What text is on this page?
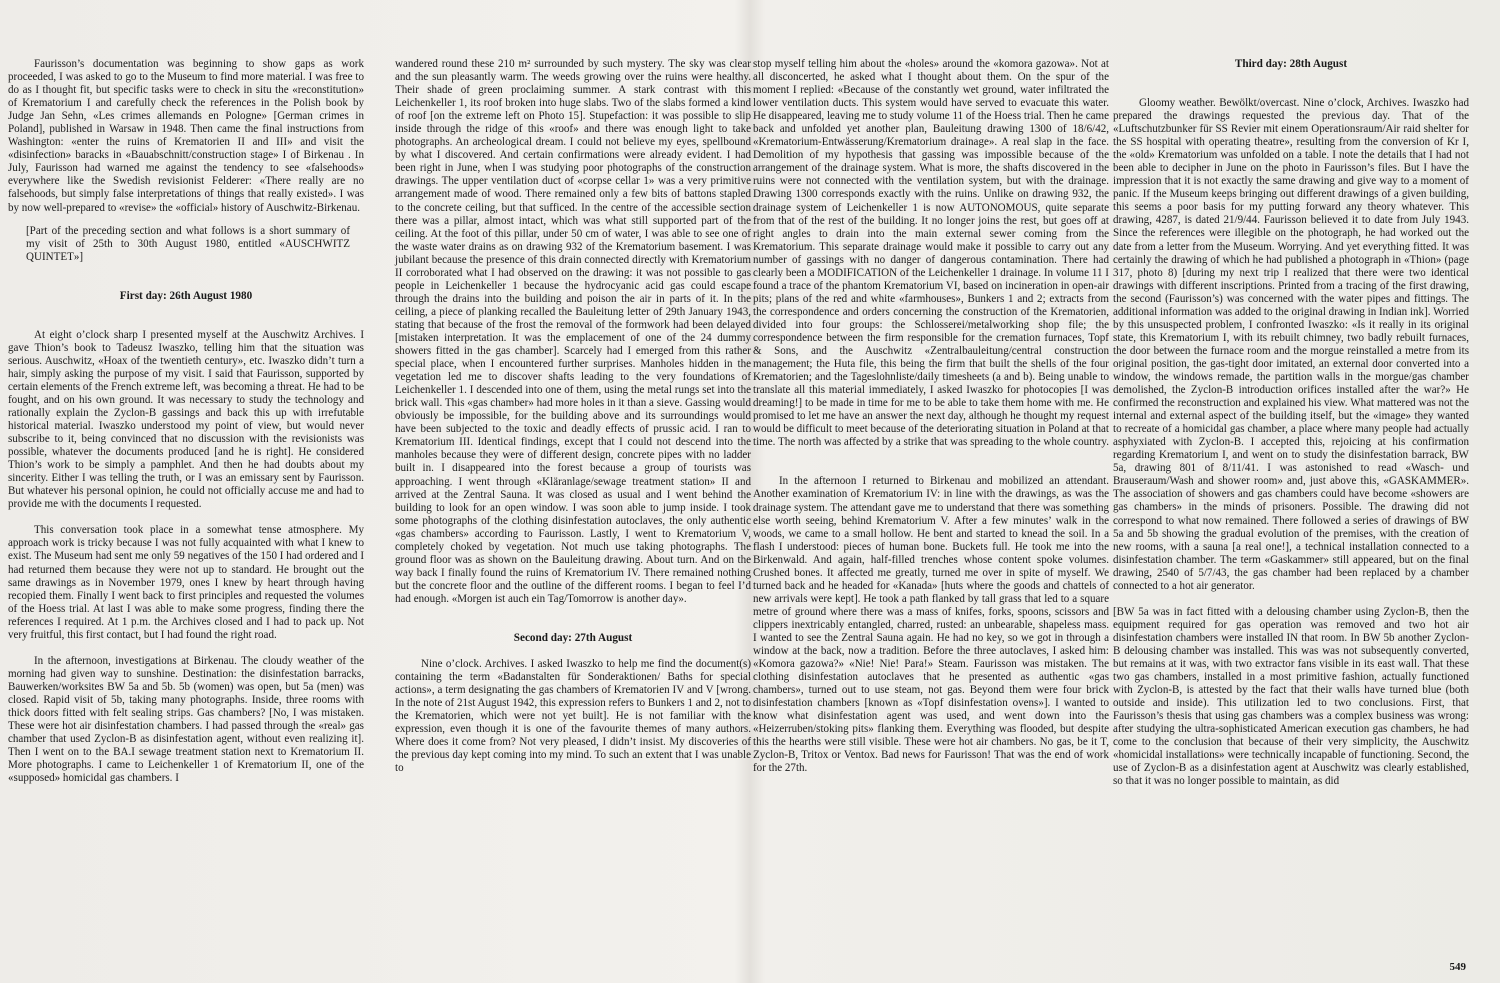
Faurisson’s documentation was beginning to show gaps as work proceeded, I was asked to go to the Museum to find more material. I was free to do as I thought fit, but specific tasks were to check in situ the «reconstitution» of Krematorium I and carefully check the references in the Polish book by Judge Jan Sehn, «Les crimes allemands en Pologne» [German crimes in Poland], published in Warsaw in 1948. Then came the final instructions from Washington: «enter the ruins of Krematorien II and III» and visit the «disinfection» baracks in «Bauabschnitt/construction stage» I of Birkenau . In July, Faurisson had warned me against the tendency to see «falsehoods» everywhere like the Swedish revisionist Felderer: «There really are no falsehoods, but simply false interpretations of things that really existed». I was by now well-prepared to «revise» the «official» history of Auschwitz-Birkenau.

[Part of the preceding section and what follows is a short summary of my visit of 25th to 30th August 1980, entitled «AUSCHWITZ QUINTET»]

First day: 26th August 1980

At eight o’clock sharp I presented myself at the Auschwitz Archives. I gave Thion’s book to Tadeusz Iwaszko, telling him that the situation was serious. Auschwitz, «Hoax of the twentieth century», etc. Iwaszko didn’t turn a hair, simply asking the purpose of my visit. I said that Faurisson, supported by certain elements of the French extreme left, was becoming a threat. He had to be fought, and on his own ground. It was necessary to study the technology and rationally explain the Zyclon-B gassings and back this up with irrefutable historical material. Iwaszko understood my point of view, but would never subscribe to it, being convinced that no discussion with the revisionists was possible, whatever the documents produced [and he is right]. He considered Thion’s work to be simply a pamphlet. And then he had doubts about my sincerity. Either I was telling the truth, or I was an emissary sent by Faurisson. But whatever his personal opinion, he could not officially accuse me and had to provide me with the documents I requested.

This conversation took place in a somewhat tense atmosphere. My approach work is tricky because I was not fully acquainted with what I knew to exist. The Museum had sent me only 59 negatives of the 150 I had ordered and I had returned them because they were not up to standard. He brought out the same drawings as in November 1979, ones I knew by heart through having recopied them. Finally I went back to first principles and requested the volumes of the Hoess trial. At last I was able to make some progress, finding there the references I required. At 1 p.m. the Archives closed and I had to pack up. Not very fruitful, this first contact, but I had found the right road.

In the afternoon, investigations at Birkenau. The cloudy weather of the morning had given way to sunshine. Destination: the disinfestation barracks, Bauwerken/worksites BW 5a and 5b. 5b (women) was open, but 5a (men) was closed. Rapid visit of 5b, taking many photographs. Inside, three rooms with thick doors fitted with felt sealing strips. Gas chambers? [No, I was mistaken. These were hot air disinfestation chambers. I had passed through the «real» gas chamber that used Zyclon-B as disinfestation agent, without even realizing it]. Then I went on to the BA.I sewage treatment station next to Krematorium II. More photographs. I came to Leichenkeller 1 of Krematorium II, one of the «supposed» homicidal gas chambers. I

wandered round these 210 m² surrounded by such mystery. The sky was clear and the sun pleasantly warm. The weeds growing over the ruins were healthy. Their shade of green proclaiming summer. A stark contrast with this Leichenkeller 1, its roof broken into huge slabs. Two of the slabs formed a kind of roof [on the extreme left on Photo 15]. Stupefaction: it was possible to slip inside through the ridge of this «roof» and there was enough light to take photographs. An archeological dream. I could not believe my eyes, spellbound by what I discovered. And certain confirmations were already evident. I had been right in June, when I was studying poor photographs of the construction drawings. The upper ventilation duct of «corpse cellar 1» was a very primitive arrangement made of wood. There remained only a few bits of battons stapled to the concrete ceiling, but that sufficed. In the centre of the accessible section there was a pillar, almost intact, which was what still supported part of the ceiling. At the foot of this pillar, under 50 cm of water, I was able to see one of the waste water drains as on drawing 932 of the Krematorium basement. I was jubilant because the presence of this drain connected directly with Krematorium II corroborated what I had observed on the drawing: it was not possible to gas people in Leichenkeller 1 because the hydrocyanic acid gas could escape through the drains into the building and poison the air in parts of it. In the ceiling, a piece of planking recalled the Bauleitung letter of 29th January 1943, stating that because of the frost the removal of the formwork had been delayed [mistaken interpretation. It was the emplacement of one of the 24 dummy showers fitted in the gas chamber]. Scarcely had I emerged from this rather special place, when I encountered further surprises. Manholes hidden in the vegetation led me to discover shafts leading to the very foundations of Leichenkeller 1. I descended into one of them, using the metal rungs set into the brick wall. This «gas chamber» had more holes in it than a sieve. Gassing would obviously be impossible, for the building above and its surroundings would have been subjected to the toxic and deadly effects of prussic acid. I ran to Krematorium III. Identical findings, except that I could not descend into the manholes because they were of different design, concrete pipes with no ladder built in. I disappeared into the forest because a group of tourists was approaching. I went through «Kläranlage/sewage treatment station» II and arrived at the Zentral Sauna. It was closed as usual and I went behind the building to look for an open window. I was soon able to jump inside. I took some photographs of the clothing disinfestation autoclaves, the only authentic «gas chambers» according to Faurisson. Lastly, I went to Krematorium V, completely choked by vegetation. Not much use taking photographs. The ground floor was as shown on the Bauleitung drawing. About turn. And on the way back I finally found the ruins of Krematorium IV. There remained nothing but the concrete floor and the outline of the different rooms. I began to feel I’d had enough. «Morgen ist auch ein Tag/Tomorrow is another day».

Second day: 27th August

Nine o’clock. Archives. I asked Iwaszko to help me find the document(s) containing the term «Badanstalten für Sonderaktionen/ Baths for special actions», a term designating the gas chambers of Krematorien IV and V [wrong. In the note of 21st August 1942, this expression refers to Bunkers 1 and 2, not to the Krematorien, which were not yet built]. He is not familiar with the expression, even though it is one of the favourite themes of many authors. Where does it come from? Not very pleased, I didn’t insist. My discoveries of the previous day kept coming into my mind. To such an extent that I was unable to

stop myself telling him about the «holes» around the «komora gazowa». Not at all disconcerted, he asked what I thought about them. On the spur of the moment I replied: «Because of the constantly wet ground, water infiltrated the lower ventilation ducts. This system would have served to evacuate this water. He disappeared, leaving me to study volume 11 of the Hoess trial. Then he came back and unfolded yet another plan, Bauleitung drawing 1300 of 18/6/42, «Krematorium-Entwässerung/Krematorium drainage». A real slap in the face. Demolition of my hypothesis that gassing was impossible because of the arrangement of the drainage system. What is more, the shafts discovered in the ruins were not connected with the ventilation system, but with the drainage. Drawing 1300 corresponds exactly with the ruins. Unlike on drawing 932, the drainage system of Leichenkeller 1 is now AUTONOMOUS, quite separate from that of the rest of the building. It no longer joins the rest, but goes off at right angles to drain into the main external sewer coming from the Krematorium. This separate drainage would make it possible to carry out any number of gassings with no danger of dangerous contamination. There had clearly been a MODIFICATION of the Leichenkeller 1 drainage. In volume 11 I found a trace of the phantom Krematorium VI, based on incineration in open-air pits; plans of the red and white «farmhouses», Bunkers 1 and 2; extracts from the correspondence and orders concerning the construction of the Krematorien, divided into four groups: the Schlosserei/metalworking shop file; the correspondence between the firm responsible for the cremation furnaces, Topf & Sons, and the Auschwitz «Zentralbauleitung/central construction management; the Huta file, this being the firm that built the shells of the four Krematorien; and the Tageslohnliste/daily timesheets (a and b). Being unable to translate all this material immediately, I asked Iwaszko for photocopies [I was dreaming!] to be made in time for me to be able to take them home with me. He promised to let me have an answer the next day, although he thought my request would be difficult to meet because of the deteriorating situation in Poland at that time. The north was affected by a strike that was spreading to the whole country.

In the afternoon I returned to Birkenau and mobilized an attendant. Another examination of Krematorium IV: in line with the drawings, as was the drainage system. The attendant gave me to understand that there was something else worth seeing, behind Krematorium V. After a few minutes’ walk in the woods, we came to a small hollow. He bent and started to knead the soil. In a flash I understood: pieces of human bone. Buckets full. He took me into the Birkenwald. And again, half-filled trenches whose content spoke volumes. Crushed bones. It affected me greatly, turned me over in spite of myself. We turned back and he headed for «Kanada» [huts where the goods and chattels of new arrivals were kept]. He took a path flanked by tall grass that led to a square metre of ground where there was a mass of knifes, forks, spoons, scissors and clippers inextricably entangled, charred, rusted: an unbearable, shapeless mass. I wanted to see the Zentral Sauna again. He had no key, so we got in through a window at the back, now a tradition. Before the three autoclaves, I asked him: «Komora gazowa?» «Nie! Nie! Para!» Steam. Faurisson was mistaken. The clothing disinfestation autoclaves that he presented as authentic «gas chambers», turned out to use steam, not gas. Beyond them were four brick disinfestation chambers [known as «Topf disinfestation ovens»]. I wanted to know what disinfestation agent was used, and went down into the «Heizerruben/stoking pits» flanking them. Everything was flooded, but despite this the hearths were still visible. These were hot air chambers. No gas, be it T, Zyclon-B, Tritox or Ventox. Bad news for Faurisson! That was the end of work for the 27th.

Third day: 28th August

Gloomy weather. Bewölkt/overcast. Nine o’clock, Archives. Iwaszko had prepared the drawings requested the previous day. That of the «Luftschutzbunker für SS Revier mit einem Operationsraum/Air raid shelter for the SS hospital with operating theatre», resulting from the conversion of Kr I, the «old» Krematorium was unfolded on a table. I note the details that I had not been able to decipher in June on the photo in Faurisson’s files. But I have the impression that it is not exactly the same drawing and give way to a moment of panic. If the Museum keeps bringing out different drawings of a given building, this seems a poor basis for my putting forward any theory whatever. This drawing, 4287, is dated 21/9/44. Faurisson believed it to date from July 1943. Since the references were illegible on the photograph, he had worked out the date from a letter from the Museum. Worrying. And yet everything fitted. It was certainly the drawing of which he had published a photograph in «Thion» (page 317, photo 8) [during my next trip I realized that there were two identical drawings with different inscriptions. Printed from a tracing of the first drawing, the second (Faurisson’s) was concerned with the water pipes and fittings. The additional information was added to the original drawing in Indian ink]. Worried by this unsuspected problem, I confronted Iwaszko: «Is it really in its original state, this Krematorium I, with its rebuilt chimney, two badly rebuilt furnaces, the door between the furnace room and the morgue reinstalled a metre from its original position, the gas-tight door imitated, an external door converted into a window, the windows remade, the partition walls in the morgue/gas chamber demolished, the Zyclon-B introduction orifices installed after the war?» He confirmed the reconstruction and explained his view. What mattered was not the internal and external aspect of the building itself, but the «image» they wanted to recreate of a homicidal gas chamber, a place where many people had actually asphyxiated with Zyclon-B. I accepted this, rejoicing at his confirmation regarding Krematorium I, and went on to study the disinfestation barrack, BW 5a, drawing 801 of 8/11/41. I was astonished to read «Wasch- und Brauseraum/Wash and shower room» and, just above this, «GASKAMMER». The association of showers and gas chambers could have become «showers are gas chambers» in the minds of prisoners. Possible. The drawing did not correspond to what now remained. There followed a series of drawings of BW 5a and 5b showing the gradual evolution of the premises, with the creation of new rooms, with a sauna [a real one!], a technical installation connected to a disinfestation chamber. The term «Gaskammer» still appeared, but on the final drawing, 2540 of 5/7/43, the gas chamber had been replaced by a chamber connected to a hot air generator.

[BW 5a was in fact fitted with a delousing chamber using Zyclon-B, then the equipment required for gas operation was removed and two hot air disinfestation chambers were installed IN that room. In BW 5b another Zyclon-B delousing chamber was installed. This was was not subsequently converted, but remains at it was, with two extractor fans visible in its east wall. That these two gas chambers, installed in a most primitive fashion, actually functioned with Zyclon-B, is attested by the fact that their walls have turned blue (both outside and inside). This utilization led to two conclusions. First, that Faurisson’s thesis that using gas chambers was a complex business was wrong: after studying the ultra-sophisticated American execution gas chambers, he had come to the conclusion that because of their very simplicity, the Auschwitz «homicidal installations» were technically incapable of functioning. Second, the use of Zyclon-B as a disinfestation agent at Auschwitz was clearly established, so that it was no longer possible to maintain, as did

549
